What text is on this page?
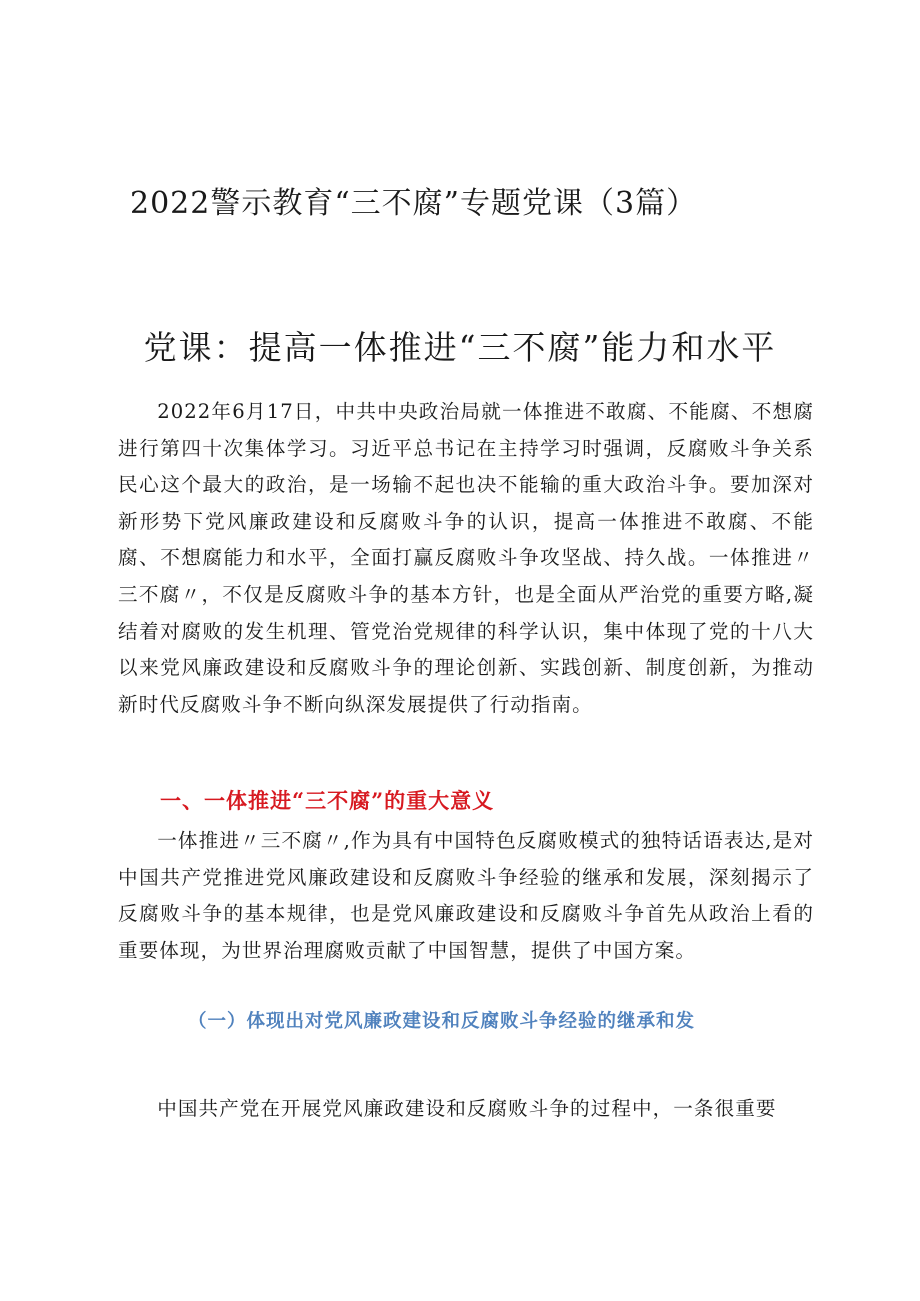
2022警示教育“三不腐”专题党课（3篇）
党课：提高一体推进“三不腐”能力和水平

2022年6月17日，中共中央政治局就一体推进不敢腐、不能腐、不想腐进行第四十次集体学习。习近平总书记在主持学习时强调，反腐败斗争关系民心这个最大的政治，是一场输不起也决不能输的重大政治斗争。要加深对新形势下党风廉政建设和反腐败斗争的认识，提高一体推进不敢腐、不能腐、不想腐能力和水平，全面打赢反腐败斗争攻坚战、持久战。一体推进〃三不腐〃，不仅是反腐败斗争的基本方针，也是全面从严治党的重要方略,凝结着对腐败的发生机理、管党治党规律的科学认识，集中体现了党的十八大以来党风廉政建设和反腐败斗争的理论创新、实践创新、制度创新，为推动新时代反腐败斗争不断向纵深发展提供了行动指南。

一、一体推进“三不腐”的重大意义

一体推进〃三不腐〃,作为具有中国特色反腐败模式的独特话语表达,是对中国共产党推进党风廉政建设和反腐败斗争经验的继承和发展，深刻揭示了反腐败斗争的基本规律，也是党风廉政建设和反腐败斗争首先从政治上看的重要体现，为世界治理腐败贡献了中国智慧，提供了中国方案。

（一）体现出对党风廉政建设和反腐败斗争经验的继承和发

中国共产党在开展党风廉政建设和反腐败斗争的过程中，一条很重要
